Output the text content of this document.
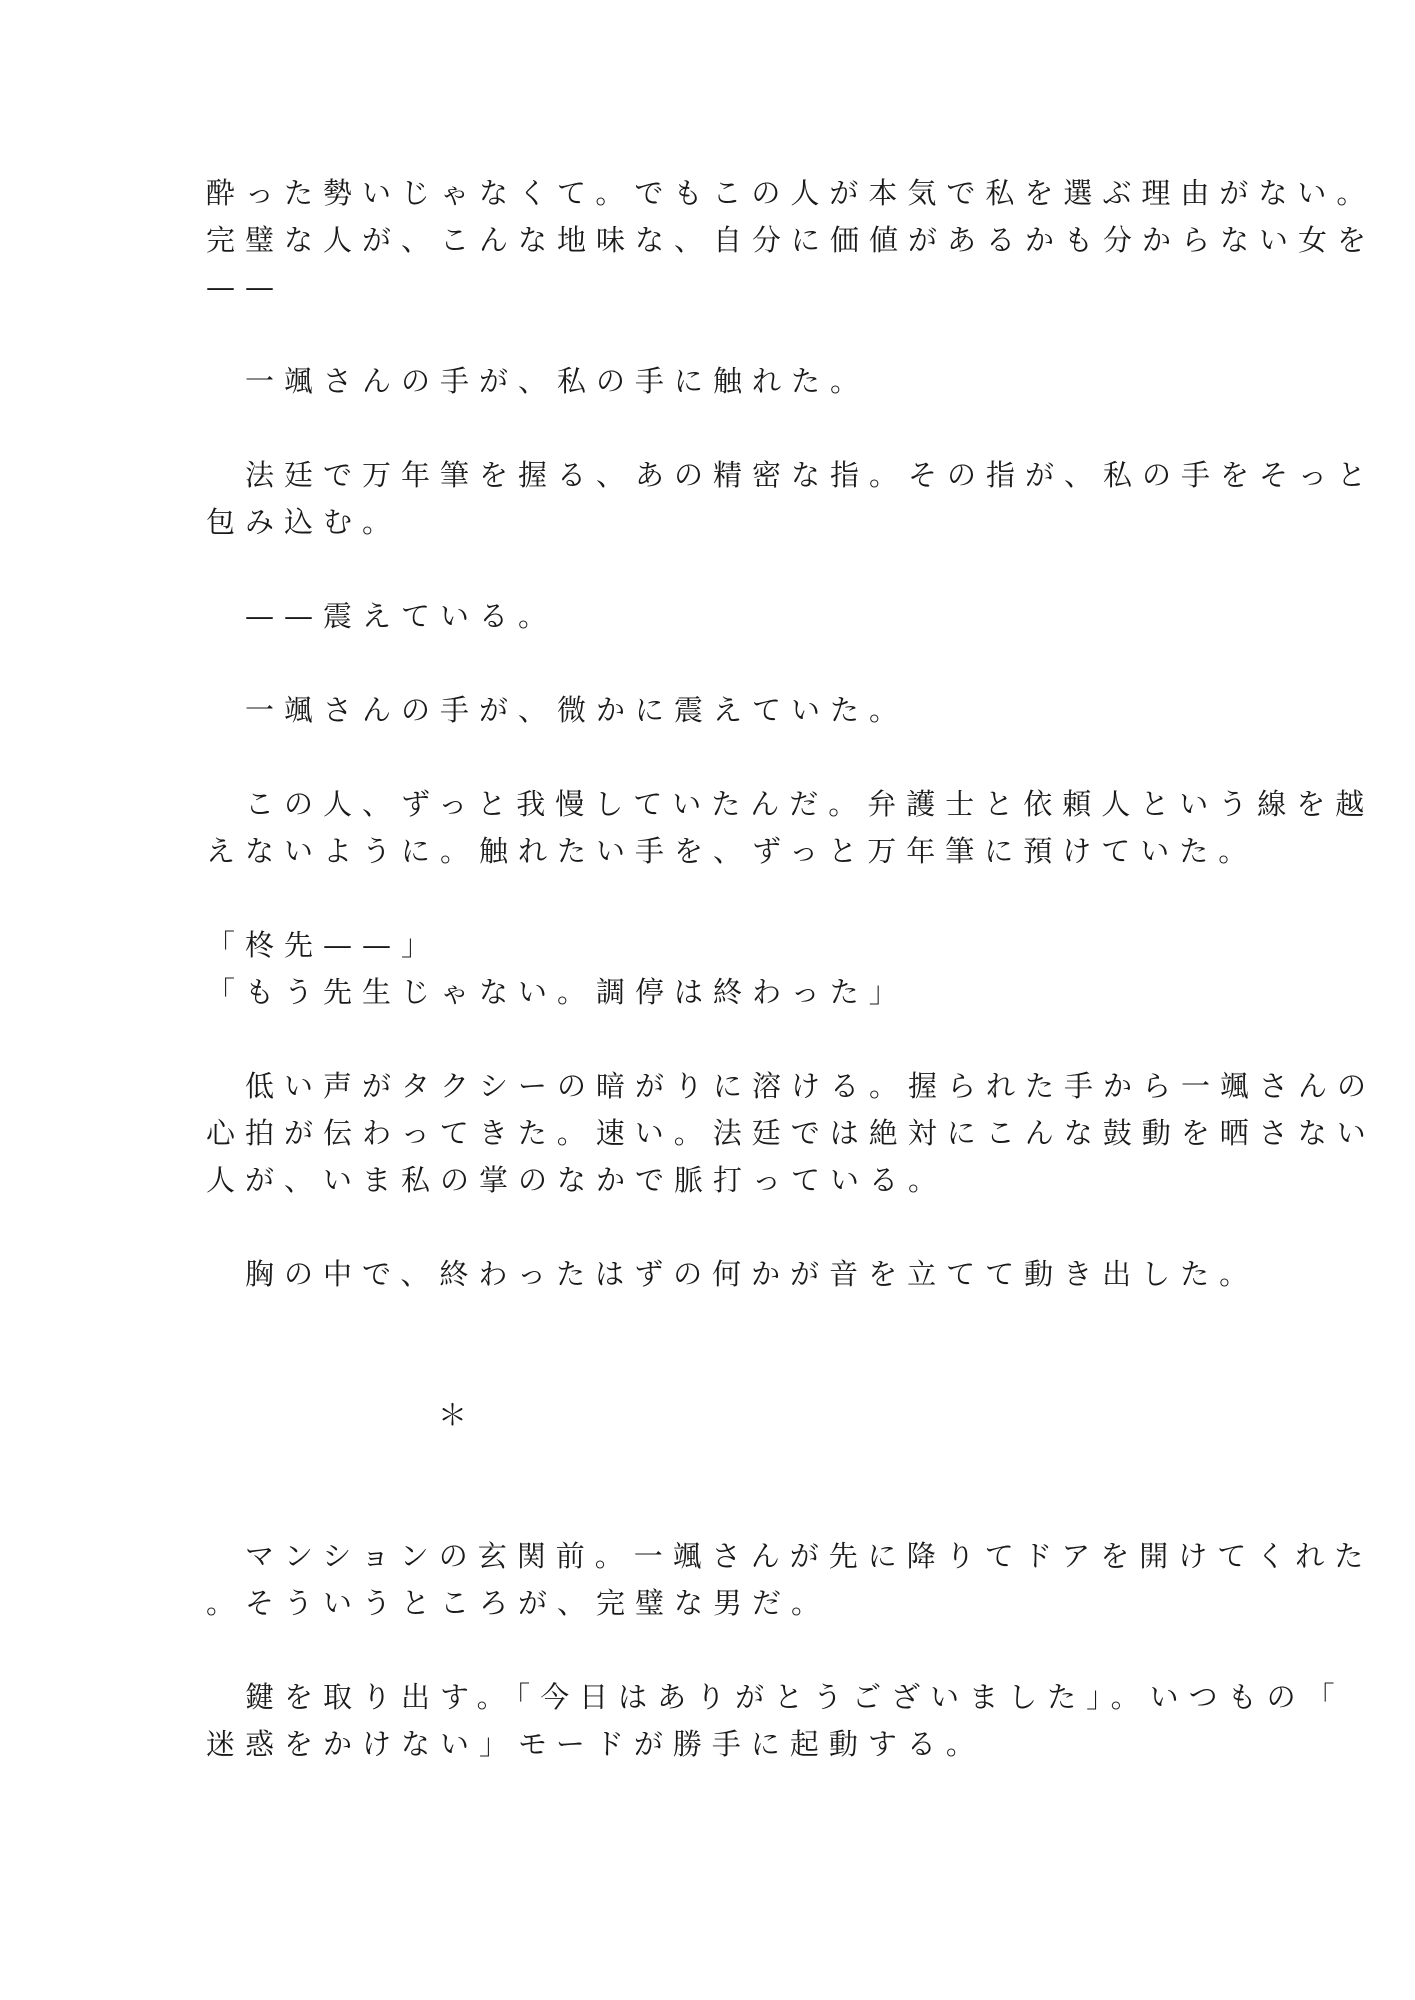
酔った勢いじゃなくて。でもこの人が本気で私を選ぶ理由がない。
完璧な人が、こんな地味な、自分に価値があるかも分からない女を
——
　一颯さんの手が、私の手に触れた。
　法廷で万年筆を握る、あの精密な指。その指が、私の手をそっと
包み込む。
　——震えている。
　一颯さんの手が、微かに震えていた。
　この人、ずっと我慢していたんだ。弁護士と依頼人という線を越
えないように。触れたい手を、ずっと万年筆に預けていた。
「柊先——」
「もう先生じゃない。調停は終わった」
　低い声がタクシーの暗がりに溶ける。握られた手から一颯さんの
心拍が伝わってきた。速い。法廷では絶対にこんな鼓動を晒さない
人が、いま私の掌のなかで脈打っている。
　胸の中で、終わったはずの何かが音を立てて動き出した。
＊
　マンションの玄関前。一颯さんが先に降りてドアを開けてくれた
。そういうところが、完璧な男だ。
　鍵を取り出す。「今日はありがとうございました」。いつもの「
迷惑をかけない」モードが勝手に起動する。
